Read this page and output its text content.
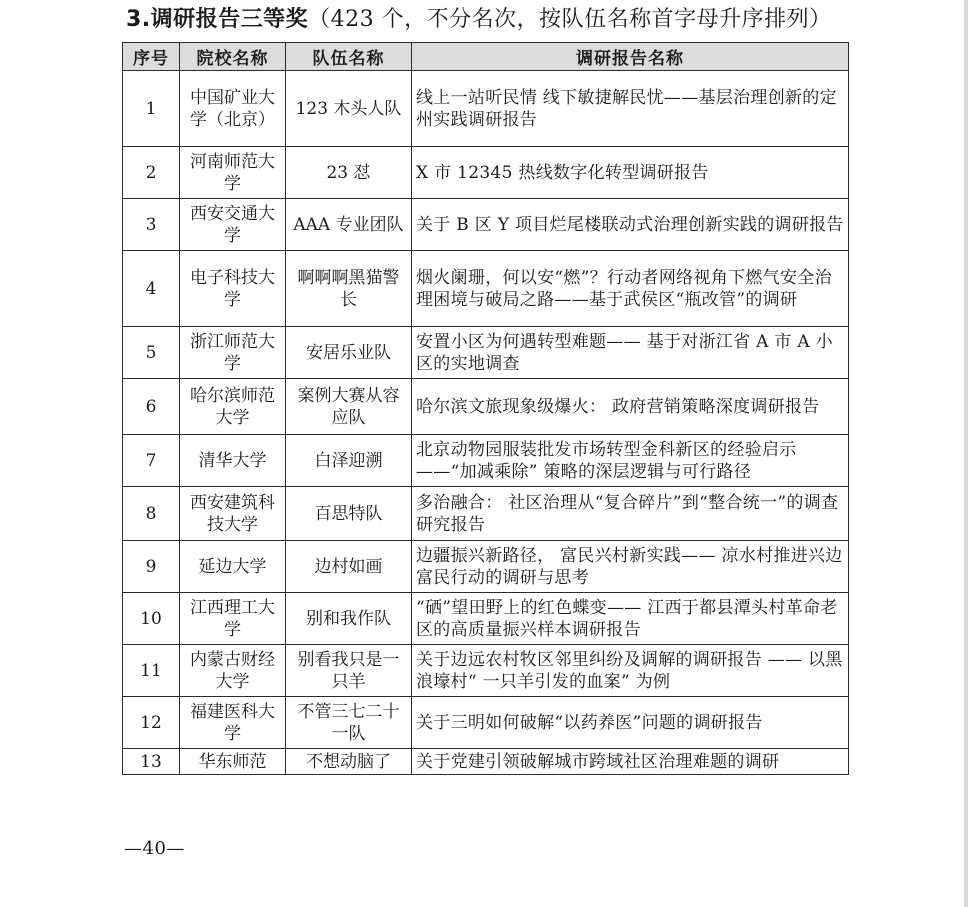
3.调研报告三等奖（423 个，不分名次，按队伍名称首字母升序排列）
序号	院校名称	队伍名称	调研报告名称
1	中国矿业大学（北京）	123 木头人队	线上一站听民情 线下敏捷解民忧——基层治理创新的定州实践调研报告
2	河南师范大学	23 怼	X 市 12345 热线数字化转型调研报告
3	西安交通大学	AAA 专业团队	关于 B 区 Y 项目烂尾楼联动式治理创新实践的调研报告
4	电子科技大学	啊啊啊黑猫警长	烟火阑珊，何以安“燃”？行动者网络视角下燃气安全治理困境与破局之路——基于武侯区“瓶改管”的调研
5	浙江师范大学	安居乐业队	安置小区为何遇转型难题—— 基于对浙江省 A 市 A 小区的实地调查
6	哈尔滨师范大学	案例大赛从容应队	哈尔滨文旅现象级爆火： 政府营销策略深度调研报告
7	清华大学	白泽迎溯	北京动物园服装批发市场转型金科新区的经验启示——“加减乘除” 策略的深层逻辑与可行路径
8	西安建筑科技大学	百思特队	多治融合： 社区治理从“复合碎片”到“整合统一”的调查研究报告
9	延边大学	边村如画	边疆振兴新路径， 富民兴村新实践—— 凉水村推进兴边富民行动的调研与思考
10	江西理工大学	别和我作队	“硒”望田野上的红色蝶变—— 江西于都县潭头村革命老区的高质量振兴样本调研报告
11	内蒙古财经大学	别看我只是一只羊	关于边远农村牧区邻里纠纷及调解的调研报告 —— 以黑浪壕村“ 一只羊引发的血案” 为例
12	福建医科大学	不管三七二十一队	关于三明如何破解“以药养医”问题的调研报告
13	华东师范	不想动脑了	关于党建引领破解城市跨域社区治理难题的调研
—40—
